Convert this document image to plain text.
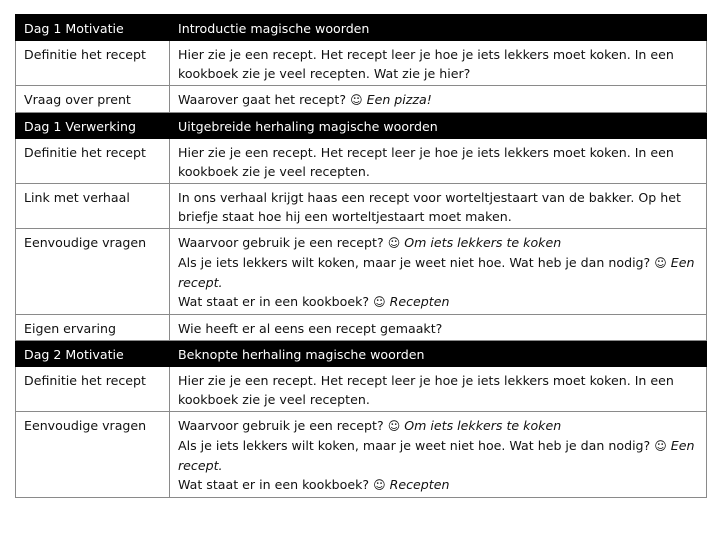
Dag 1 Motivatie	Introductie magische woorden

Definitie het recept	Hier zie je een recept. Het recept leer je hoe je iets lekkers moet koken. In een kookboek zie je veel recepten. Wat zie je hier?

Vraag over prent	Waarover gaat het recept? ☺ Een pizza!

Dag 1 Verwerking	Uitgebreide herhaling magische woorden

Definitie het recept	Hier zie je een recept. Het recept leer je hoe je iets lekkers moet koken. In een kookboek zie je veel recepten.

Link met verhaal	In ons verhaal krijgt haas een recept voor worteltjestaart van de bakker. Op het briefje staat hoe hij een worteltjestaart moet maken.

Eenvoudige vragen	Waarvoor gebruik je een recept? ☺ Om iets lekkers te koken
Als je iets lekkers wilt koken, maar je weet niet hoe. Wat heb je dan nodig? ☺ Een recept.
Wat staat er in een kookboek? ☺ Recepten

Eigen ervaring	Wie heeft er al eens een recept gemaakt?

Dag 2 Motivatie	Beknopte herhaling magische woorden

Definitie het recept	Hier zie je een recept. Het recept leer je hoe je iets lekkers moet koken. In een kookboek zie je veel recepten.

Eenvoudige vragen	Waarvoor gebruik je een recept? ☺ Om iets lekkers te koken
Als je iets lekkers wilt koken, maar je weet niet hoe. Wat heb je dan nodig? ☺ Een recept.
Wat staat er in een kookboek? ☺ Recepten
